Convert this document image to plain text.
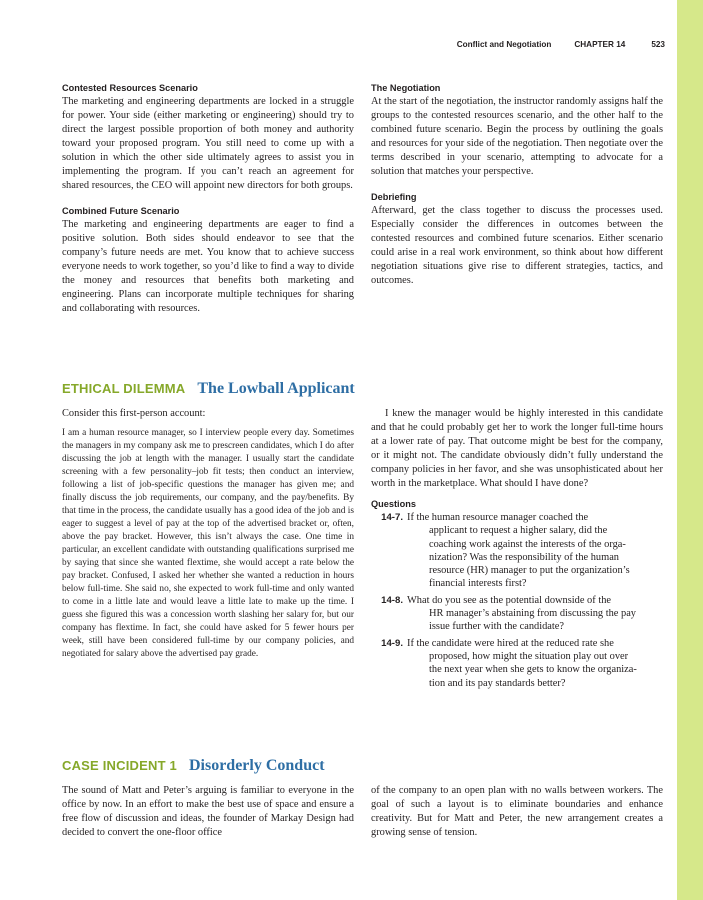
Conflict and Negotiation	CHAPTER 14	523
Contested Resources Scenario

The marketing and engineering departments are locked in a struggle for power. Your side (either marketing or engineering) should try to direct the largest possible proportion of both money and authority toward your proposed program. You still need to come up with a solution in which the other side ultimately agrees to assist you in implementing the program. If you can’t reach an agreement for shared resources, the CEO will appoint new directors for both groups.

Combined Future Scenario

The marketing and engineering departments are eager to find a positive solution. Both sides should endeavor to see that the company’s future needs are met. You know that to achieve success everyone needs to work together, so you’d like to find a way to divide the money and resources that benefits both marketing and engineering. Plans can incorporate multiple techniques for sharing and collaborating with resources.

The Negotiation

At the start of the negotiation, the instructor randomly assigns half the groups to the contested resources scenario, and the other half to the combined future scenario. Begin the process by outlining the goals and resources for your side of the negotiation. Then negotiate over the terms described in your scenario, attempting to advocate for a solution that matches your perspective.

Debriefing

Afterward, get the class together to discuss the processes used. Especially consider the differences in outcomes between the contested resources and combined future scenarios. Either scenario could arise in a real work environment, so think about how different negotiation situations give rise to different strategies, tactics, and outcomes.

ETHICAL DILEMMA The Lowball Applicant

Consider this first-person account:

I am a human resource manager, so I interview people every day. Sometimes the managers in my company ask me to prescreen candidates, which I do after discussing the job at length with the manager. I usually start the candidate screening with a few personality–job fit tests; then conduct an interview, following a list of job-specific questions the manager has given me; and finally discuss the job requirements, our company, and the pay/benefits. By that time in the process, the candidate usually has a good idea of the job and is eager to suggest a level of pay at the top of the advertised bracket or, often, above the pay bracket. However, this isn’t always the case. One time in particular, an excellent candidate with outstanding qualifications surprised me by saying that since she wanted flextime, she would accept a rate below the pay bracket. Confused, I asked her whether she wanted a reduction in hours below full-time. She said no, she expected to work full-time and only wanted to come in a little late and would leave a little late to make up the time. I guess she figured this was a concession worth slashing her salary for, but our company has flextime. In fact, she could have asked for 5 fewer hours per week, still have been considered full-time by our company policies, and negotiated for salary above the advertised pay grade.

I knew the manager would be highly interested in this candidate and that he could probably get her to work the longer full-time hours at a lower rate of pay. That outcome might be best for the company, or it might not. The candidate obviously didn’t fully understand the company policies in her favor, and she was unsophisticated about her worth in the marketplace. What should I have done?

Questions
14-7. If the human resource manager coached the
applicant to request a higher salary, did the
coaching work against the interests of the orga-
nization? Was the responsibility of the human
resource (HR) manager to put the organization’s
financial interests first?
14-8. What do you see as the potential downside of the
HR manager’s abstaining from discussing the pay
issue further with the candidate?
14-9. If the candidate were hired at the reduced rate she
proposed, how might the situation play out over
the next year when she gets to know the organiza-
tion and its pay standards better?
CASE INCIDENT 1 Disorderly Conduct

The sound of Matt and Peter’s arguing is familiar to everyone in the office by now. In an effort to make the best use of space and ensure a free flow of discussion and ideas, the founder of Markay Design had decided to convert the one-floor office

of the company to an open plan with no walls between workers. The goal of such a layout is to eliminate boundaries and enhance creativity. But for Matt and Peter, the new arrangement creates a growing sense of tension.
